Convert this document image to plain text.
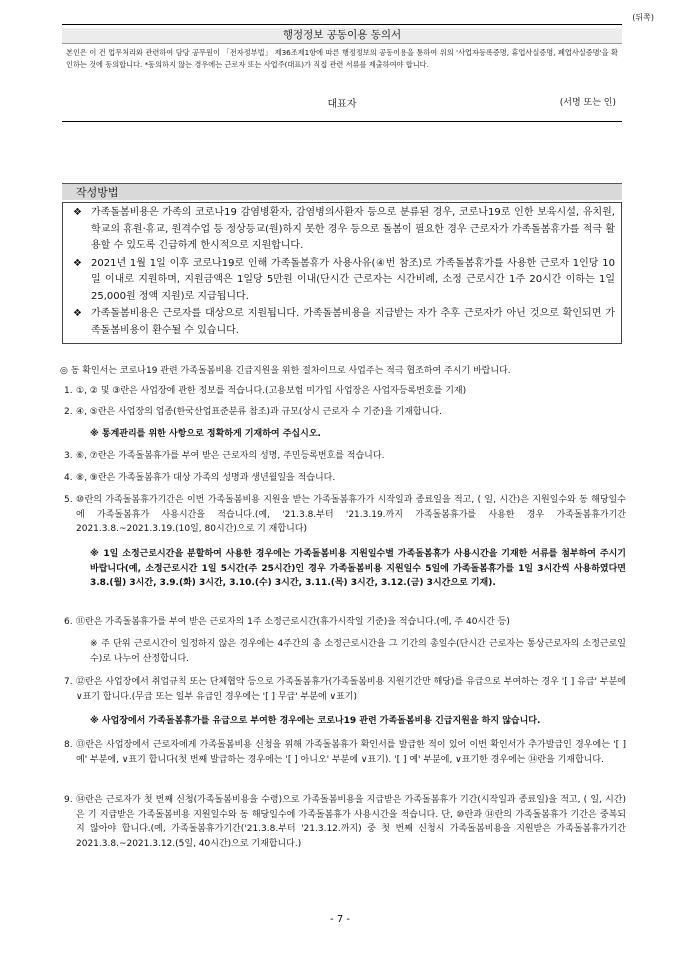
(뒤쪽)
행정정보 공동이용 동의서
본인은 이 건 업무처리와 관련하여 담당 공무원이 「전자정부법」 제36조제1항에 따른 행정정보의 공동이용을 통하여 위의 '사업자등록증명, 휴업사실증명, 폐업사실증명'을 확인하는 것에 동의합니다. *동의하지 않는 경우에는 근로자 또는 사업주(대표)가 직접 관련 서류를 제출하여야 합니다.
대표자	(서명 또는 인)
작성방법
❖ 가족돌봄비용은 가족의 코로나19 감염병환자, 감염병의사환자 등으로 분류된 경우, 코로나19로 인한 보육시설, 유치원, 학교의 휴원·휴교, 원격수업 등 정상등교(원)하지 못한 경우 등으로 돌봄이 필요한 경우 근로자가 가족돌봄휴가를 적극 활용할 수 있도록 긴급하게 한시적으로 지원합니다.
❖ 2021년 1월 1일 이후 코로나19로 인해 가족돌봄휴가 사용사유(④번 참조)로 가족돌봄휴가를 사용한 근로자 1인당 10일 이내로 지원하며, 지원금액은 1일당 5만원 이내(단시간 근로자는 시간비례, 소정 근로시간 1주 20시간 이하는 1일 25,000원 정액 지원)로 지급됩니다.
❖ 가족돌봄비용은 근로자를 대상으로 지원됩니다. 가족돌봄비용을 지급받는 자가 추후 근로자가 아닌 것으로 확인되면 가족돌봄비용이 환수될 수 있습니다.
◎ 동 확인서는 코로나19 관련 가족돌봄비용 긴급지원을 위한 절차이므로 사업주는 적극 협조하여 주시기 바랍니다.
1. ①, ② 및 ③란은 사업장에 관한 정보를 적습니다.(고용보험 미가입 사업장은 사업자등록번호를 기재)
2. ④, ⑤란은 사업장의 업종(한국산업표준분류 참조)과 규모(상시 근로자 수 기준)을 기재합니다.
※ 통계관리를 위한 사항으로 정확하게 기재하여 주십시오.
3. ⑥, ⑦란은 가족돌봄휴가를 부여 받은 근로자의 성명, 주민등록번호를 적습니다.
4. ⑧, ⑨란은 가족돌봄휴가 대상 가족의 성명과 생년월일을 적습니다.
5. ⑩란의 가족돌봄휴가기간은 이번 가족돌봄비용 지원을 받는 가족돌봄휴가가 시작일과 종료일을 적고, ( 일, 시간)은 지원일수와 동 해당일수에 가족돌봄휴가 사용시간을 적습니다.(예, '21.3.8.부터 '21.3.19.까지 가족돌봄휴가를 사용한 경우 가족돌봄휴가기간 2021.3.8.~2021.3.19.(10일, 80시간)으로 기 재합니다)
※ 1일 소정근로시간을 분할하여 사용한 경우에는 가족돌봄비용 지원일수별 가족돌봄휴가 사용시간을 기재한 서류를 첨부하여 주시기 바랍니다(예, 소정근로시간 1일 5시간(주 25시간)인 경우 가족돌봄비용 지원일수 5일에 가족돌봄휴가를 1일 3시간씩 사용하였다면 3.8.(월) 3시간, 3.9.(화) 3시간, 3.10.(수) 3시간, 3.11.(목) 3시간, 3.12.(금) 3시간으로 기재).
6. ⑪란은 가족돌봄휴가를 부여 받은 근로자의 1주 소정근로시간(휴가시작일 기준)을 적습니다.(예, 주 40시간 등)
※ 주 단위 근로시간이 일정하지 않은 경우에는 4주간의 총 소정근로시간을 그 기간의 총일수(단시간 근로자는 통상근로자의 소정근로일수)로 나누어 산정합니다.
7. ⑫란은 사업장에서 취업규칙 또는 단체협약 등으로 가족돌봄휴가(가족돌봄비용 지원기간만 해당)를 유급으로 부여하는 경우 '[ ] 유급' 부분에 ∨표기 합니다.(무급 또는 일부 유급인 경우에는 '[ ] 무급' 부분에 ∨표기)
※ 사업장에서 가족돌봄휴가를 유급으로 부여한 경우에는 코로나19 관련 가족돌봄비용 긴급지원을 하지 않습니다.
8. ⑬란은 사업장에서 근로자에게 가족돌봄비용 신청을 위해 가족돌봄휴가 확인서를 발급한 적이 있어 이번 확인서가 추가발급인 경우에는 '[ ] 예' 부분에, ∨표기 합니다(첫 번째 발급하는 경우에는 '[ ] 아니오' 부분에 ∨표기). '[ ] 예' 부분에, ∨표기한 경우에는 ⑭란을 기재합니다.
9. ⑭란은 근로자가 첫 번째 신청(가족돌봄비용을 수령)으로 가족돌봄비용을 지급받은 가족돌봄휴가 기간(시작일과 종료일)을 적고, ( 일, 시간)은 기 지급받은 가족돌봄비용 지원일수와 동 해당일수에 가족돌봄휴가 사용시간을 적습니다. 단, ⑩란과 ⑭란의 가족돌봄휴가 기간은 중복되지 않아야 합니다.(예, 가족돌봄휴가기간('21.3.8.부터 '21.3.12.까지) 중 첫 번째 신청시 가족돌봄비용을 지원받은 가족돌봄휴가기간 2021.3.8.~2021.3.12.(5일, 40시간)으로 기재합니다.)
- 7 -
